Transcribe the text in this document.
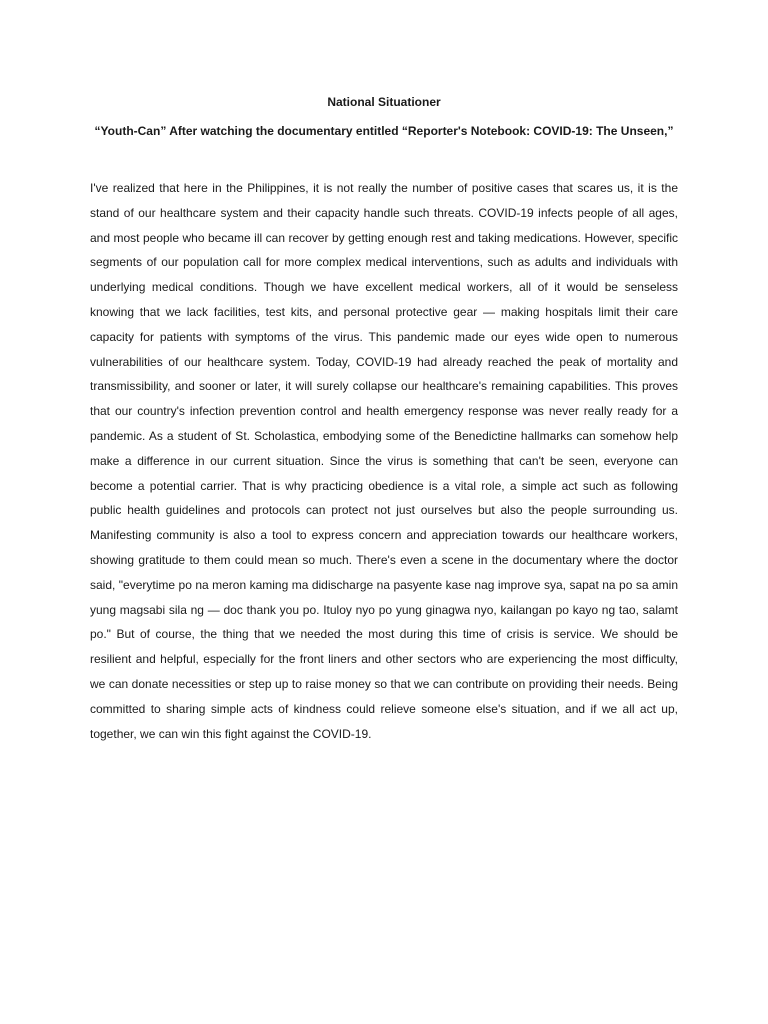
National Situationer
“Youth-Can” After watching the documentary entitled “Reporter's Notebook: COVID-19: The Unseen,”

I've realized that here in the Philippines, it is not really the number of positive cases that scares us, it is the stand of our healthcare system and their capacity handle such threats. COVID-19 infects people of all ages, and most people who became ill can recover by getting enough rest and taking medications. However, specific segments of our population call for more complex medical interventions, such as adults and individuals with underlying medical conditions. Though we have excellent medical workers, all of it would be senseless knowing that we lack facilities, test kits, and personal protective gear — making hospitals limit their care capacity for patients with symptoms of the virus. This pandemic made our eyes wide open to numerous vulnerabilities of our healthcare system. Today, COVID-19 had already reached the peak of mortality and transmissibility, and sooner or later, it will surely collapse our healthcare's remaining capabilities. This proves that our country's infection prevention control and health emergency response was never really ready for a pandemic. As a student of St. Scholastica, embodying some of the Benedictine hallmarks can somehow help make a difference in our current situation. Since the virus is something that can't be seen, everyone can become a potential carrier. That is why practicing obedience is a vital role, a simple act such as following public health guidelines and protocols can protect not just ourselves but also the people surrounding us. Manifesting community is also a tool to express concern and appreciation towards our healthcare workers, showing gratitude to them could mean so much. There's even a scene in the documentary where the doctor said, "everytime po na meron kaming ma didischarge na pasyente kase nag improve sya, sapat na po sa amin yung magsabi sila ng — doc thank you po. Ituloy nyo po yung ginagwa nyo, kailangan po kayo ng tao, salamt po." But of course, the thing that we needed the most during this time of crisis is service. We should be resilient and helpful, especially for the front liners and other sectors who are experiencing the most difficulty, we can donate necessities or step up to raise money so that we can contribute on providing their needs. Being committed to sharing simple acts of kindness could relieve someone else's situation, and if we all act up, together, we can win this fight against the COVID-19.
